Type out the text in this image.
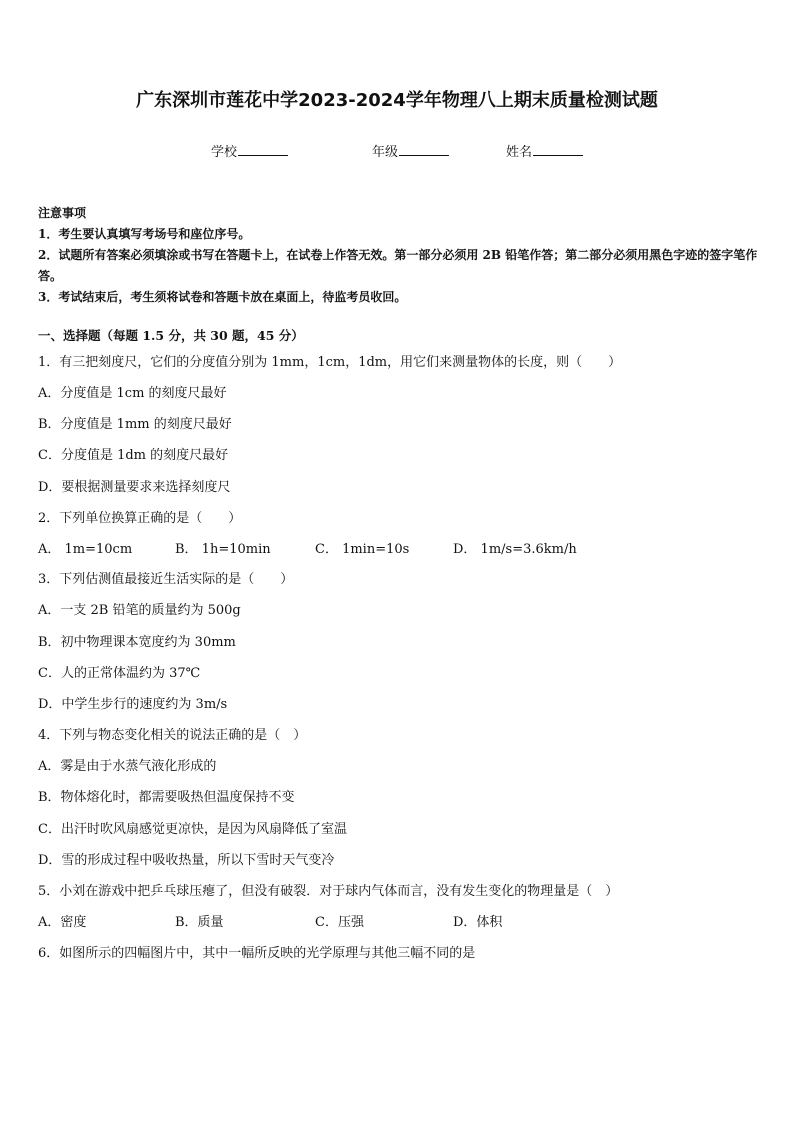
广东深圳市莲花中学2023-2024学年物理八上期末质量检测试题
学校	年级	姓名
注意事项
1．考生要认真填写考场号和座位序号。
2．试题所有答案必须填涂或书写在答题卡上，在试卷上作答无效。第一部分必须用 2B 铅笔作答；第二部分必须用黑色字迹的签字笔作答。
3．考试结束后，考生须将试卷和答题卡放在桌面上，待监考员收回。
一、选择题（每题 1.5 分，共 30 题，45 分）
1．有三把刻度尺，它们的分度值分别为 1mm，1cm，1dm，用它们来测量物体的长度，则（　　）
A．分度值是 1cm 的刻度尺最好
B．分度值是 1mm 的刻度尺最好
C．分度值是 1dm 的刻度尺最好
D．要根据测量要求来选择刻度尺
2．下列单位换算正确的是（　　）
A． 1m=10cm	B． 1h=10min	C． 1min=10s	D． 1m/s=3.6km/h
3．下列估测值最接近生活实际的是（　　）
A．一支 2B 铅笔的质量约为 500g
B．初中物理课本宽度约为 30mm
C．人的正常体温约为 37℃
D．中学生步行的速度约为 3m/s
4．下列与物态变化相关的说法正确的是（　）
A．雾是由于水蒸气液化形成的
B．物体熔化时，都需要吸热但温度保持不变
C．出汗时吹风扇感觉更凉快，是因为风扇降低了室温
D．雪的形成过程中吸收热量，所以下雪时天气变冷
5．小刘在游戏中把乒乓球压瘪了，但没有破裂．对于球内气体而言，没有发生变化的物理量是（　）
A．密度	B．质量	C．压强	D．体积
6．如图所示的四幅图片中，其中一幅所反映的光学原理与其他三幅不同的是
